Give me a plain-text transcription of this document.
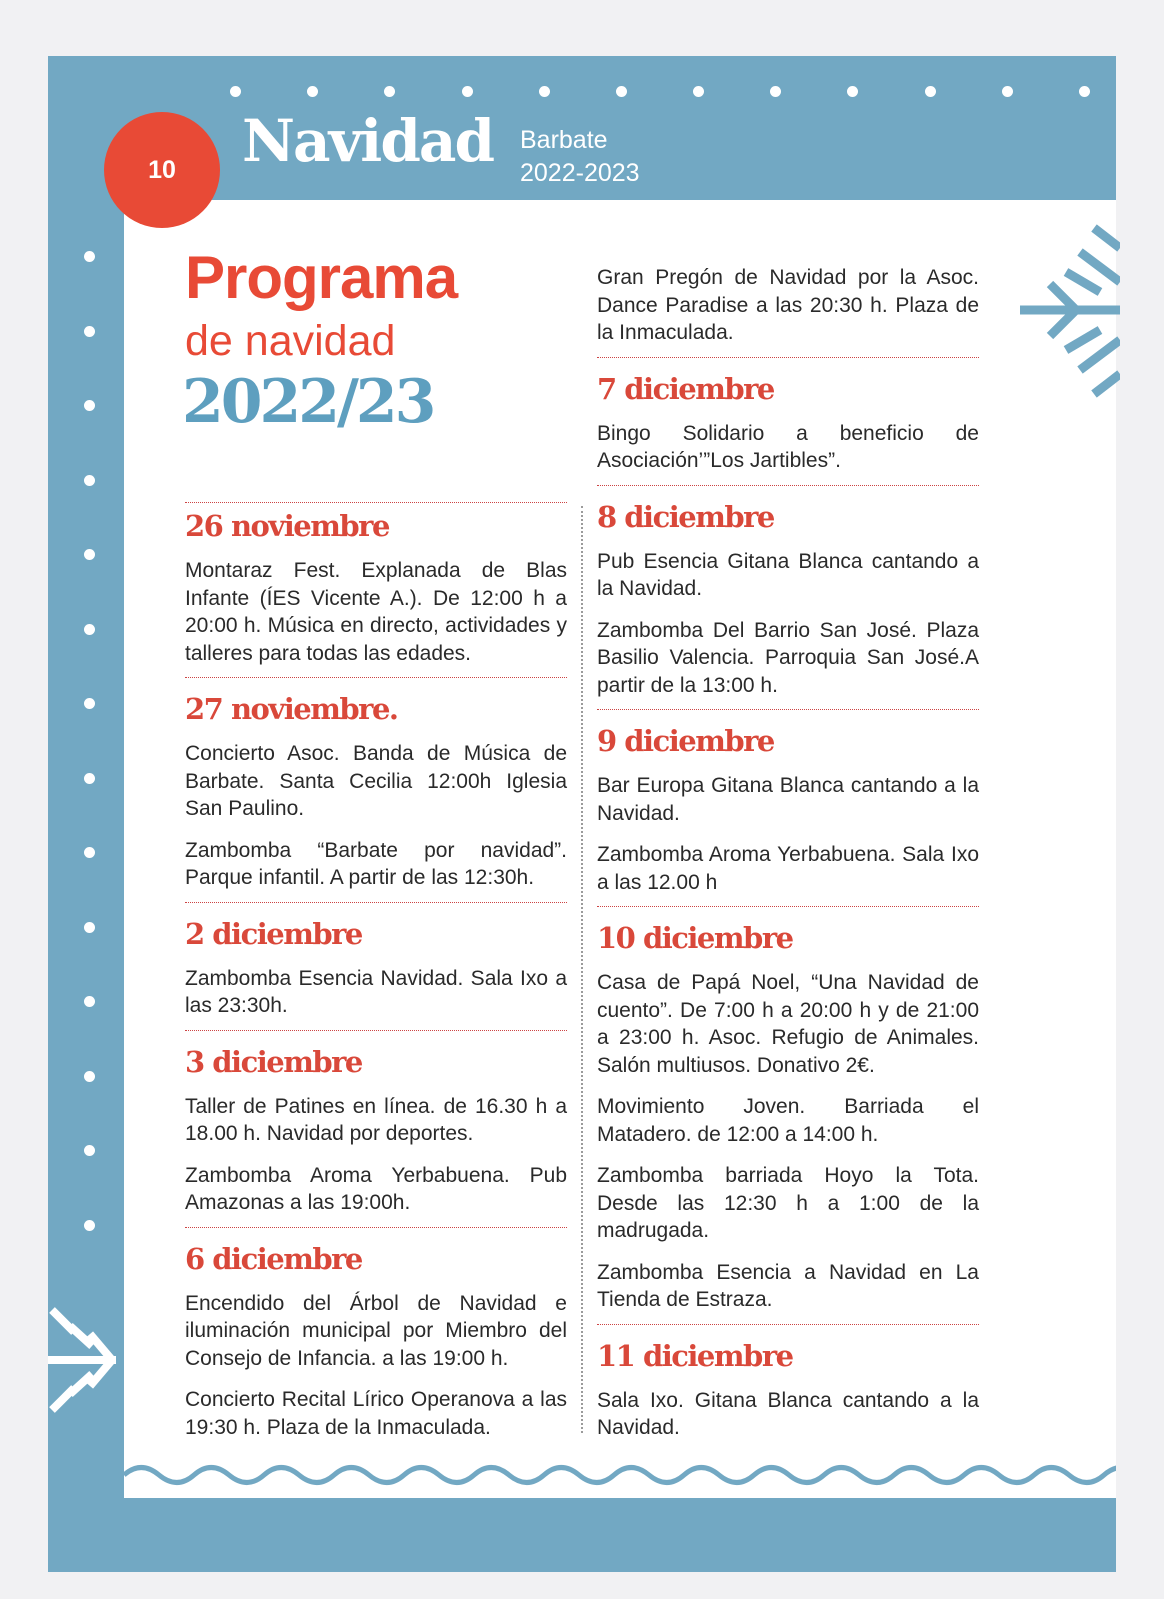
10 Navidad Barbate
2022-2023
Programa
de navidad
2022/23
26 noviembre

Montaraz Fest. Explanada de Blas Infante (ÍES Vicente A.). De 12:00 h a 20:00 h. Música en directo, actividades y talleres para todas las edades.

27 noviembre.

Concierto Asoc. Banda de Música de Barbate. Santa Cecilia 12:00h Iglesia San Paulino.

Zambomba “Barbate por navidad”. Parque infantil. A partir de las 12:30h.

2 diciembre

Zambomba Esencia Navidad. Sala Ixo a las 23:30h.

3 diciembre

Taller de Patines en línea. de 16.30 h a 18.00 h. Navidad por deportes.

Zambomba Aroma Yerbabuena. Pub Amazonas a las 19:00h.

6 diciembre

Encendido del Árbol de Navidad e iluminación municipal por Miembro del Consejo de Infancia. a las 19:00 h.

Concierto Recital Lírico Operanova a las 19:30 h. Plaza de la Inmaculada.

Gran Pregón de Navidad por la Asoc. Dance Paradise a las 20:30 h. Plaza de la Inmaculada.

7 diciembre

Bingo Solidario a beneficio de Asociación’”Los Jartibles”.

8 diciembre

Pub Esencia Gitana Blanca cantando a la Navidad.

Zambomba Del Barrio San José. Plaza Basilio Valencia. Parroquia San José.A partir de la 13:00 h.

9 diciembre

Bar Europa Gitana Blanca cantando a la Navidad.

Zambomba Aroma Yerbabuena. Sala Ixo a las 12.00 h

10 diciembre

Casa de Papá Noel, “Una Navidad de cuento”. De 7:00 h a 20:00 h y de 21:00 a 23:00 h. Asoc. Refugio de Animales. Salón multiusos. Donativo 2€.

Movimiento Joven. Barriada el Matadero. de 12:00 a 14:00 h.

Zambomba barriada Hoyo la Tota. Desde las 12:30 h a 1:00 de la madrugada.

Zambomba Esencia a Navidad en La Tienda de Estraza.

11 diciembre

Sala Ixo. Gitana Blanca cantando a la Navidad.
